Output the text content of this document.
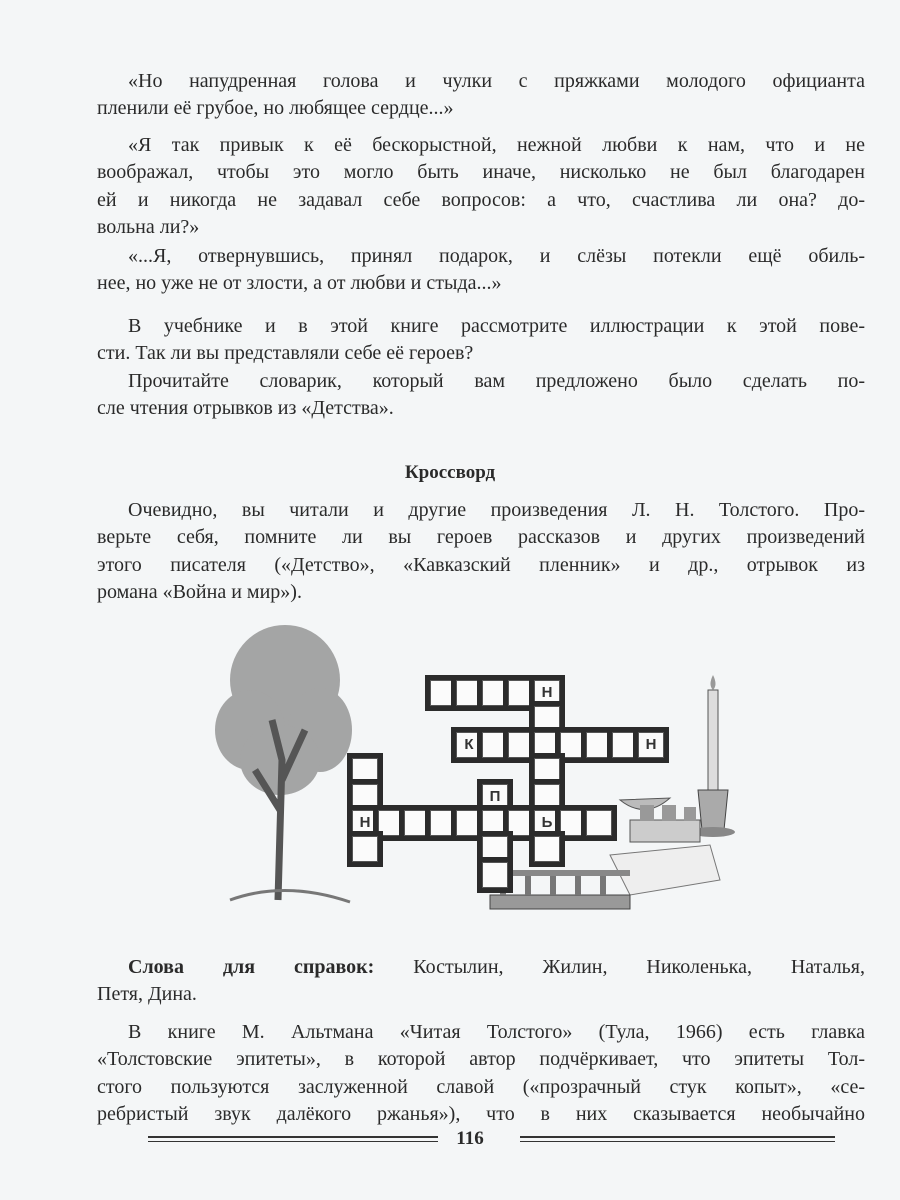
«Но напудренная голова и чулки с пряжками молодого официанта
пленили её грубое, но любящее сердце...»
«Я так привык к её бескорыстной, нежной любви к нам, что и не
воображал, чтобы это могло быть иначе, нисколько не был благодарен
ей и никогда не задавал себе вопросов: а что, счастлива ли она? до-
вольна ли?»
«...Я, отвернувшись, принял подарок, и слёзы потекли ещё обиль-
нее, но уже не от злости, а от любви и стыда...»
В учебнике и в этой книге рассмотрите иллюстрации к этой пове-
сти. Так ли вы представляли себе её героев?
Прочитайте словарик, который вам предложено было сделать по-
сле чтения отрывков из «Детства».
Кроссворд
Очевидно, вы читали и другие произведения Л. Н. Толстого. Про-
верьте себя, помните ли вы героев рассказов и других произведений
этого писателя («Детство», «Кавказский пленник» и др., отрывок из
романа «Война и мир»).
Н
К	Н
П
Н	Ь
Слова для справок: Костылин, Жилин, Николенька, Наталья,
Петя, Дина.
В книге М. Альтмана «Читая Толстого» (Тула, 1966) есть главка
«Толстовские эпитеты», в которой автор подчёркивает, что эпитеты Тол-
стого пользуются заслуженной славой («прозрачный стук копыт», «се-
ребристый звук далёкого ржанья»), что в них сказывается необычайно
116
